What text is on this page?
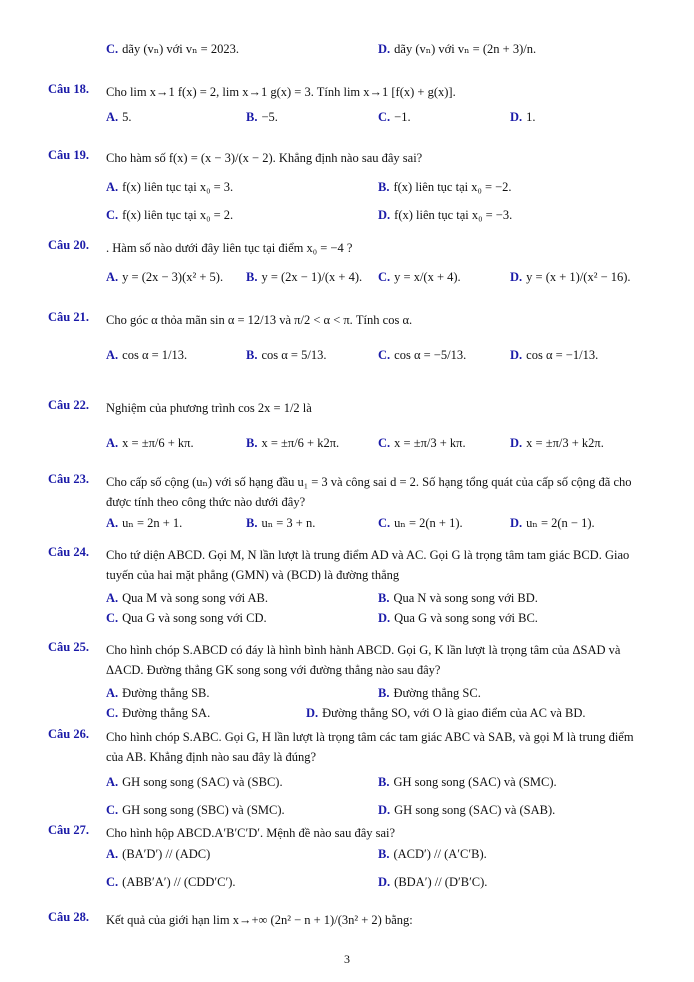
C. dãy (vₙ) với vₙ = 2023.	D. dãy (vₙ) với vₙ = (2n + 3)/n.
Câu 18. Cho lim x→1 f(x) = 2, lim x→1 g(x) = 3. Tính lim x→1 [f(x) + g(x)].
A. 5.	B. −5.	C. −1.	D. 1.
Câu 19. Cho hàm số f(x) = (x − 3)/(x − 2). Khẳng định nào sau đây sai?
A. f(x) liên tục tại x₀ = 3.	B. f(x) liên tục tại x₀ = −2.
C. f(x) liên tục tại x₀ = 2.	D. f(x) liên tục tại x₀ = −3.
Câu 20. . Hàm số nào dưới đây liên tục tại điểm x₀ = −4 ?
A. y = (2x − 3)(x² + 5). B. y = (2x − 1)/(x + 4). C. y = x/(x + 4).	D. y = (x + 1)/(x² − 16).
Câu 21. Cho góc α thỏa mãn sin α = 12/13 và π/2 < α < π. Tính cos α.
A. cos α = 1/13.	B. cos α = 5/13.	C. cos α = −5/13.	D. cos α = −1/13.
Câu 22. Nghiệm của phương trình cos 2x = 1/2 là
A. x = ±π/6 + kπ.	B. x = ±π/6 + k2π.	C. x = ±π/3 + kπ.	D. x = ±π/3 + k2π.
Câu 23. Cho cấp số cộng (uₙ) với số hạng đầu u₁ = 3 và công sai d = 2. Số hạng tổng quát của cấp số cộng đã cho được tính theo công thức nào dưới đây?
A. uₙ = 2n + 1.	B. uₙ = 3 + n.	C. uₙ = 2(n + 1).	D. uₙ = 2(n − 1).
Câu 24. Cho tứ diện ABCD. Gọi M, N lần lượt là trung điểm AD và AC. Gọi G là trọng tâm tam giác BCD. Giao tuyến của hai mặt phẳng (GMN) và (BCD) là đường thẳng
A. Qua M và song song với AB.	B. Qua N và song song với BD.
C. Qua G và song song với CD.	D. Qua G và song song với BC.
Câu 25. Cho hình chóp S.ABCD có đáy là hình bình hành ABCD. Gọi G, K lần lượt là trọng tâm của ΔSAD và ΔACD. Đường thẳng GK song song với đường thẳng nào sau đây?
A. Đường thẳng SB.	B. Đường thẳng SC.
C. Đường thẳng SA.	D. Đường thẳng SO, với O là giao điểm của AC và BD.
Câu 26. Cho hình chóp S.ABC. Gọi G, H lần lượt là trọng tâm các tam giác ABC và SAB, và gọi M là trung điểm của AB. Khẳng định nào sau đây là đúng?
A. GH song song (SAC) và (SBC).	B. GH song song (SAC) và (SMC).
C. GH song song (SBC) và (SMC).	D. GH song song (SAC) và (SAB).
Câu 27. Cho hình hộp ABCD.A′B′C′D′. Mệnh đề nào sau đây sai?
A. (BA′D′) // (ADC)	B. (ACD′) // (A′C′B).
C. (ABB′A′) // (CDD′C′).	D. (BDA′) // (D′B′C).
Câu 28. Kết quả của giới hạn lim x→+∞ (2n² − n + 1)/(3n² + 2) bằng:
3
